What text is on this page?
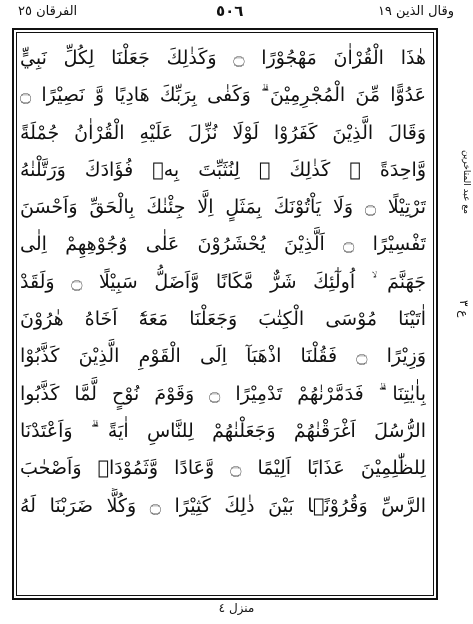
الفرقان ٢٥	٥٠٦	وقال الذين ١٩
هٰذَا الْقُرْاٰنَ مَهْجُوْرًا ۝ وَكَذٰلِكَ جَعَلْنَا لِكُلِّ نَبِيٍّ
عَدُوًّا مِّنَ الْمُجْرِمِيْنَ ۗ وَكَفٰى بِرَبِّكَ هَادِيًا وَّ نَصِيْرًا ۝
وَقَالَ الَّذِيْنَ كَفَرُوْا لَوْلَا نُزِّلَ عَلَيْهِ الْقُرْاٰنُ جُمْلَةً
وَّاحِدَةً ۚ كَذٰلِكَ ۚ لِنُثَبِّتَ بِهٖ فُؤَادَكَ وَرَتَّلْنٰهُ
تَرْتِيْلًا ۝ وَلَا يَاْتُوْنَكَ بِمَثَلٍ اِلَّا جِئْنٰكَ بِالْحَقِّ وَاَحْسَنَ
تَفْسِيْرًا ۝ اَلَّذِيْنَ يُحْشَرُوْنَ عَلٰى وُجُوْهِهِمْ اِلٰى
جَهَنَّمَ ۙ اُولٰٓئِكَ شَرٌّ مَّكَانًا وَّاَضَلُّ سَبِيْلًا ۝ وَلَقَدْ
اٰتَيْنَا مُوْسَى الْكِتٰبَ وَجَعَلْنَا مَعَهٗٓ اَخَاهُ هٰرُوْنَ
وَزِيْرًا ۝ فَقُلْنَا اذْهَبَآ اِلَى الْقَوْمِ الَّذِيْنَ كَذَّبُوْا
بِاٰيٰتِنَا ۗ فَدَمَّرْنٰهُمْ تَدْمِيْرًا ۝ وَقَوْمَ نُوْحٍ لَّمَّا كَذَّبُوا
الرُّسُلَ اَغْرَقْنٰهُمْ وَجَعَلْنٰهُمْ لِلنَّاسِ اٰيَةً ۗ وَاَعْتَدْنَا
لِلظّٰلِمِيْنَ عَذَابًا اَلِيْمًا ۝ وَّعَادًا وَّثَمُوْدَا۟ وَاَصْحٰبَ
الرَّسِّ وَقُرُوْنًۢا بَيْنَ ذٰلِكَ كَثِيْرًا ۝ وَكُلًّا ضَرَبْنَا لَهُ
مع عبد المتاخرين
ع ٣
منزل ٤
